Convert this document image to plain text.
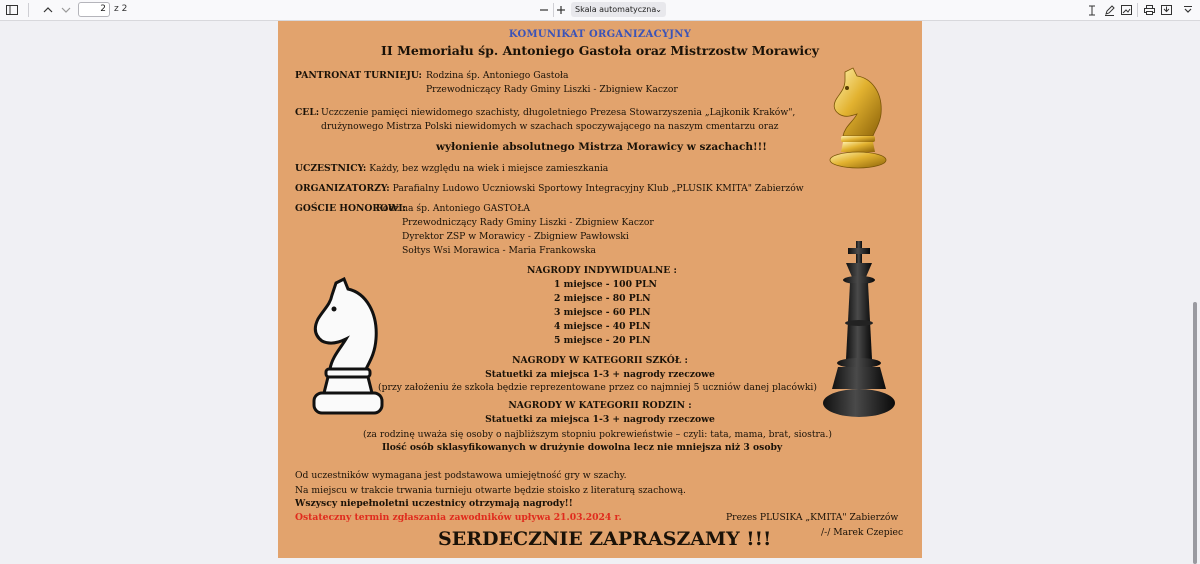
2 z 2	Skala automatyczna ⌄
KOMUNIKAT ORGANIZACYJNY
II Memoriału śp. Antoniego Gastoła oraz Mistrzostw Morawicy
PANTRONAT TURNIEJU: Rodzina śp. Antoniego Gastoła
Przewodniczący Rady Gminy Liszki - Zbigniew Kaczor
CEL: Uczczenie pamięci niewidomego szachisty, długoletniego Prezesa Stowarzyszenia „Lajkonik Kraków",
drużynowego Mistrza Polski niewidomych w szachach spoczywającego na naszym cmentarzu oraz
wyłonienie absolutnego Mistrza Morawicy w szachach!!!
UCZESTNICY: Każdy, bez względu na wiek i miejsce zamieszkania
ORGANIZATORZY: Parafialny Ludowo Uczniowski Sportowy Integracyjny Klub „PLUSIK KMITA" Zabierzów
GOŚCIE HONOROWI:
Rodzina śp. Antoniego GASTOŁA
Przewodniczący Rady Gminy Liszki - Zbigniew Kaczor
Dyrektor ZSP w Morawicy - Zbigniew Pawłowski
Sołtys Wsi Morawica - Maria Frankowska
NAGRODY INDYWIDUALNE :
1 miejsce - 100 PLN
2 miejsce - 80 PLN
3 miejsce - 60 PLN
4 miejsce - 40 PLN
5 miejsce - 20 PLN
NAGRODY W KATEGORII SZKÓŁ :
Statuetki za miejsca 1-3 + nagrody rzeczowe
(przy założeniu że szkoła będzie reprezentowane przez co najmniej 5 uczniów danej placówki)
NAGRODY W KATEGORII RODZIN :
Statuetki za miejsca 1-3 + nagrody rzeczowe
(za rodzinę uważa się osoby o najbliższym stopniu pokrewieństwie – czyli: tata, mama, brat, siostra.)
Ilość osób sklasyfikowanych w drużynie dowolna lecz nie mniejsza niż 3 osoby
Od uczestników wymagana jest podstawowa umiejętność gry w szachy.
Na miejscu w trakcie trwania turnieju otwarte będzie stoisko z literaturą szachową.
Wszyscy niepełnoletni uczestnicy otrzymają nagrody!!
Ostateczny termin zgłaszania zawodników upływa 21.03.2024 r.	Prezes PLUSIKA „KMITA" Zabierzów
/-/ Marek Czepiec
SERDECZNIE ZAPRASZAMY !!!
